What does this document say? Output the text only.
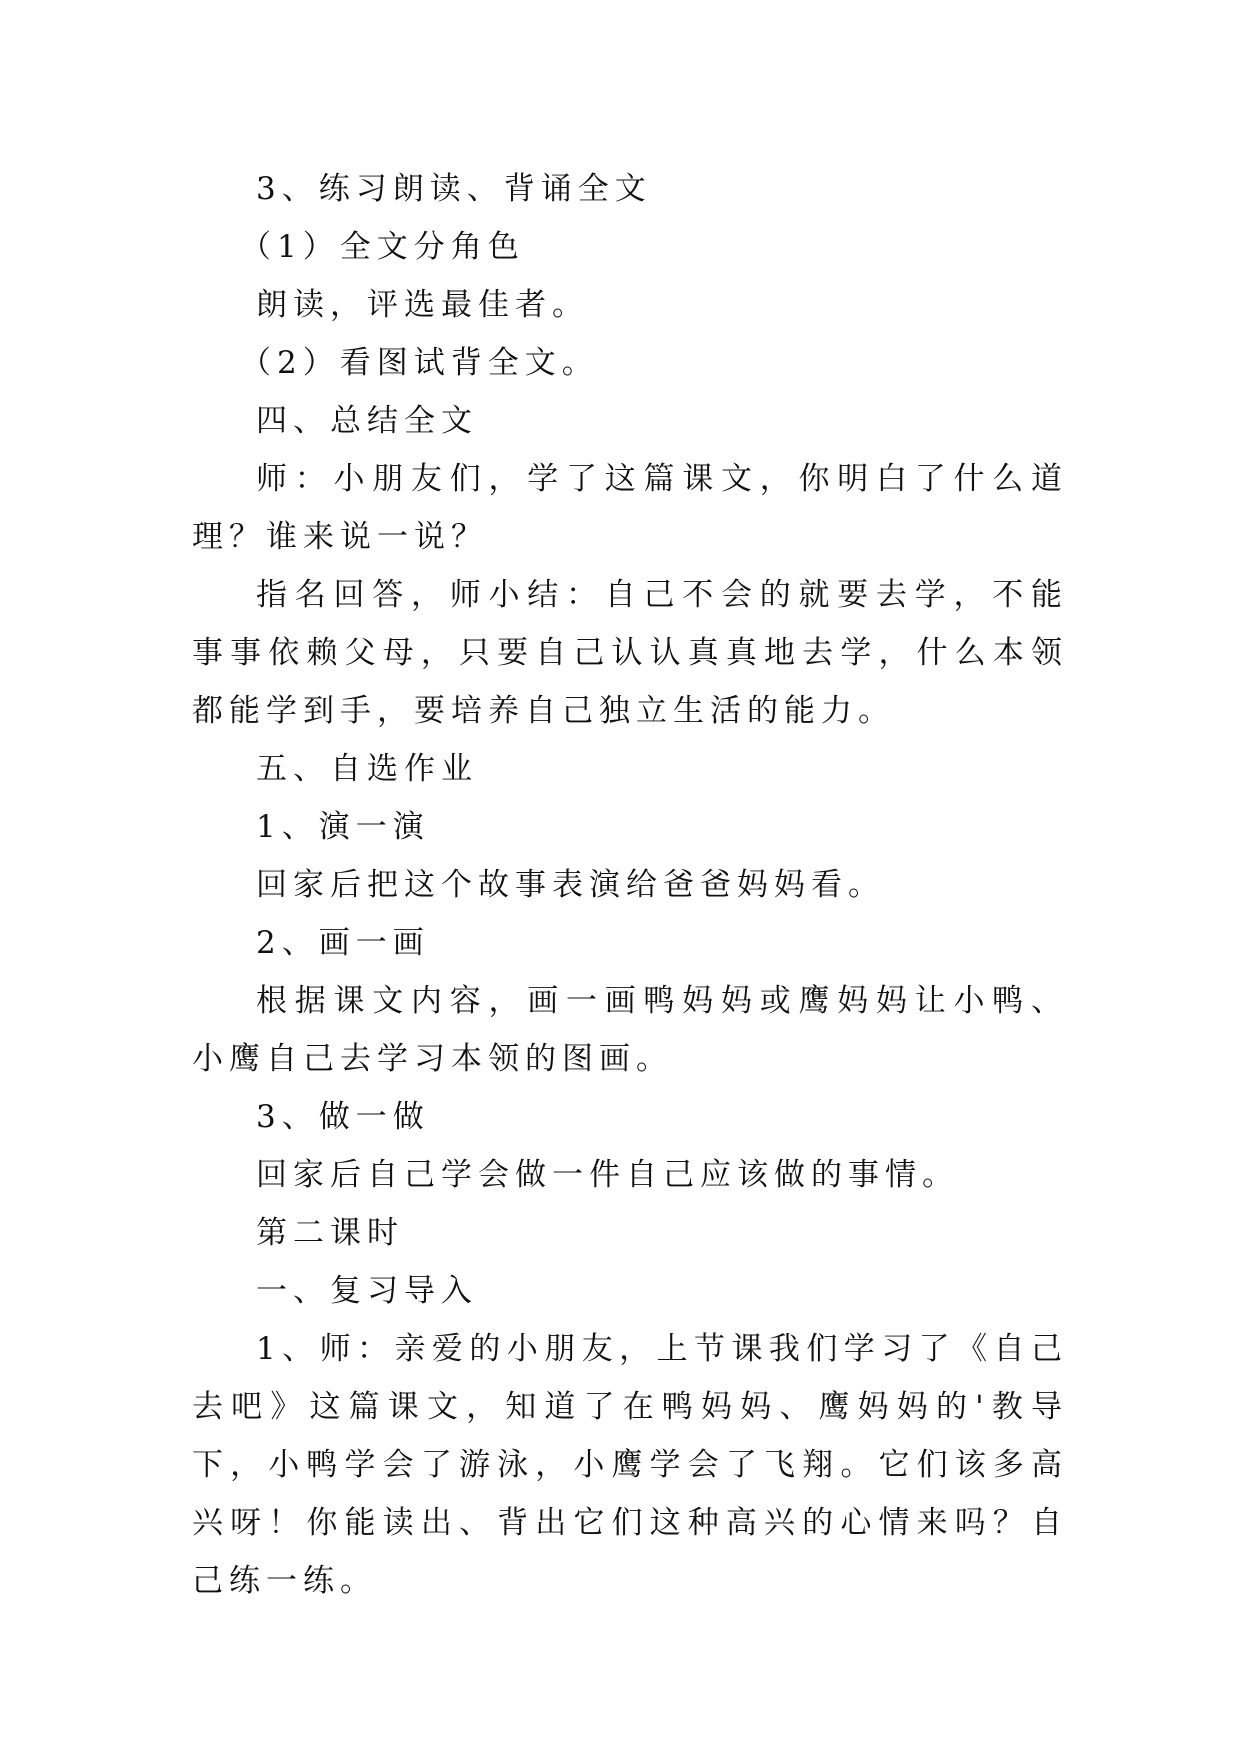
3、练习朗读、背诵全文

（1）全文分角色

朗读，评选最佳者。

（2）看图试背全文。

四、总结全文

师：小朋友们，学了这篇课文，你明白了什么道理？谁来说一说？

指名回答，师小结：自己不会的就要去学，不能事事依赖父母，只要自己认认真真地去学，什么本领都能学到手，要培养自己独立生活的能力。

五、自选作业

1、演一演

回家后把这个故事表演给爸爸妈妈看。

2、画一画

根据课文内容，画一画鸭妈妈或鹰妈妈让小鸭、小鹰自己去学习本领的图画。

3、做一做

回家后自己学会做一件自己应该做的事情。

第二课时

一、复习导入

1、师：亲爱的小朋友，上节课我们学习了《自己去吧》这篇课文，知道了在鸭妈妈、鹰妈妈的'教导下，小鸭学会了游泳，小鹰学会了飞翔。它们该多高兴呀！你能读出、背出它们这种高兴的心情来吗？自己练一练。
